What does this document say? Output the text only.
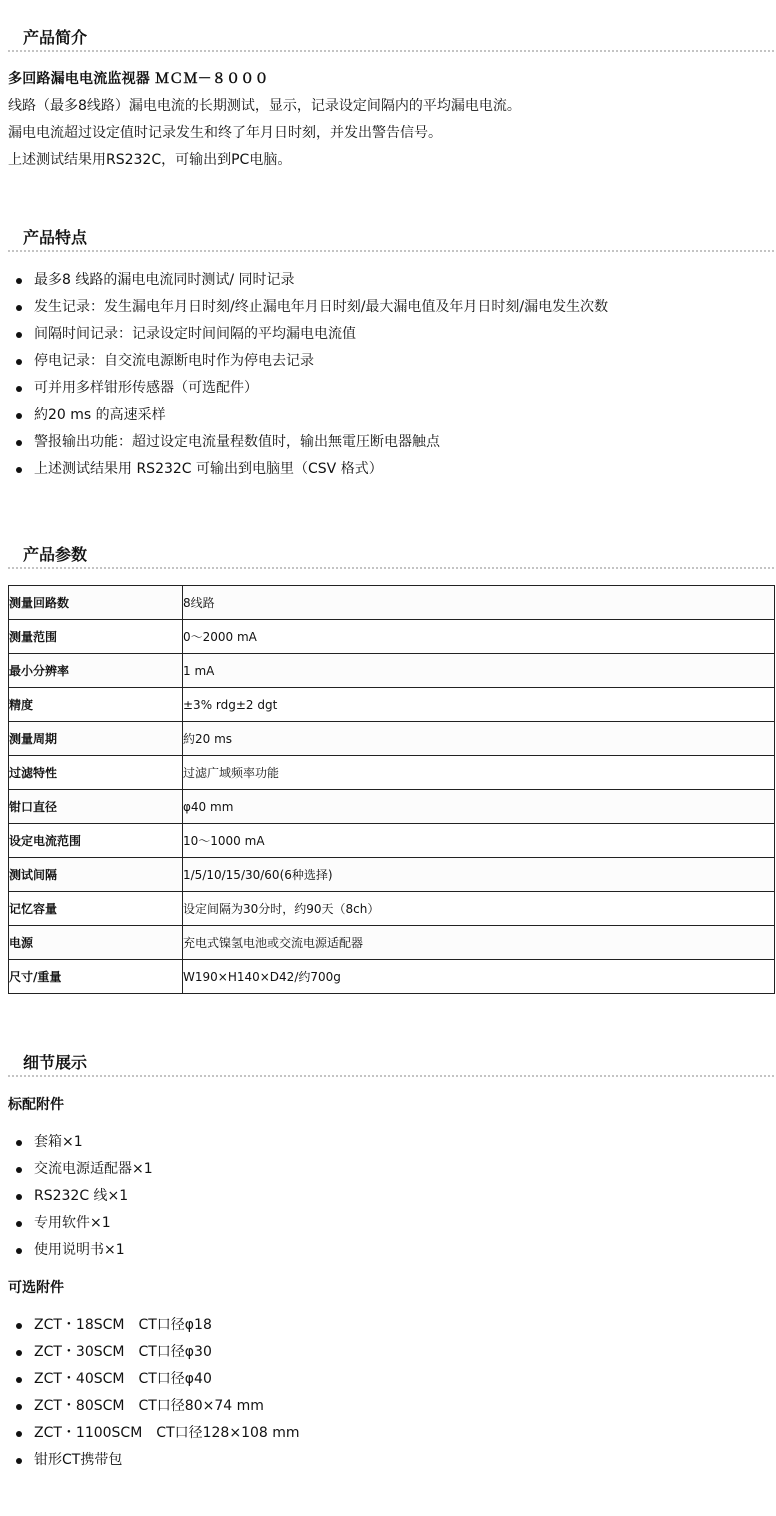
产品简介
多回路漏电电流监视器 ＭＣＭ－８０００
线路（最多8线路）漏电电流的长期测试，显示，记录设定间隔内的平均漏电电流。
漏电电流超过设定值时记录发生和终了年月日时刻，并发出警告信号。
上述测试结果用RS232C，可输出到PC电脑。
产品特点
最多8 线路的漏电电流同时测试/ 同时记录
发生记录：发生漏电年月日时刻/终止漏电年月日时刻/最大漏电值及年月日时刻/漏电发生次数
间隔时间记录：记录设定时间间隔的平均漏电电流值
停电记录：自交流电源断电时作为停电去记录
可并用多样钳形传感器（可选配件）
約20 ms 的高速采样
警报输出功能：超过设定电流量程数值时，输出無電圧断电器触点
上述测试结果用 RS232C 可输出到电脑里（CSV 格式）
产品参数
测量回路数	8线路
测量范围	0～2000 mA
最小分辨率	1 mA
精度	±3% rdg±2 dgt
测量周期	約20 ms
过滤特性	过滤广域频率功能
钳口直径	φ40 mm
设定电流范围	10～1000 mA
测试间隔	1/5/10/15/30/60(6种选择)
记忆容量	设定间隔为30分时，约90天（8ch）
电源	充电式镍氢电池或交流电源适配器
尺寸/重量	W190×H140×D42/约700g
细节展示
标配附件
套箱×1
交流电源适配器×1
RS232C 线×1
专用软件×1
使用说明书×1
可选附件
ZCT・18SCM　CT口径φ18
ZCT・30SCM　CT口径φ30
ZCT・40SCM　CT口径φ40
ZCT・80SCM　CT口径80×74 mm
ZCT・1100SCM　CT口径128×108 mm
钳形CT携带包
